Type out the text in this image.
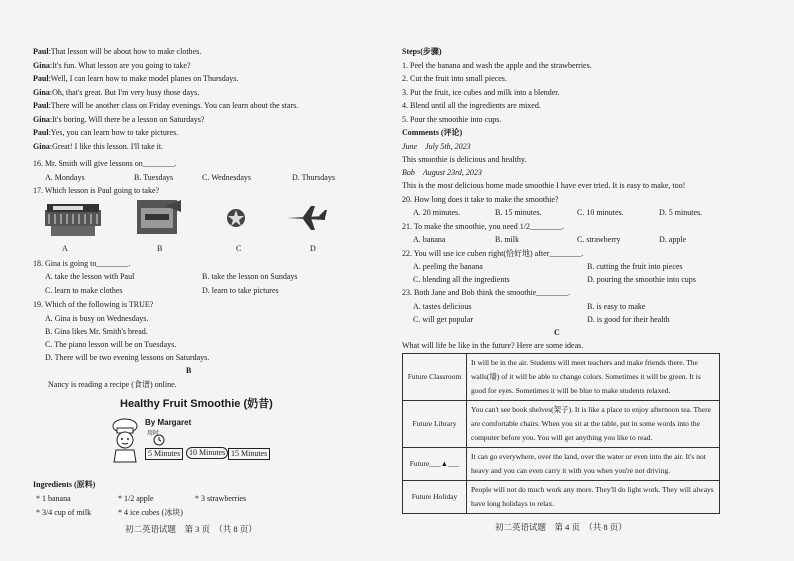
Paul:That lesson will be about how to make clothes.
Gina:It's fun. What lesson are you going to take?
Paul:Well, I can learn how to make model planes on Thursdays.
Gina:Oh, that's great. But I'm very busy those days.
Paul:There will be another class on Friday evenings. You can learn about the stars.
Gina:It's boring. Will there be a lesson on Saturdays?
Paul:Yes, you can learn how to take pictures.
Gina:Great! I like this lesson. I'll take it.
16. Mr. Smith will give lessons on________.
A. Mondays	B. Tuesdays	C. Wednesdays	D. Thursdays
17. Which lesson is Paul going to take?
A	B	C	D
18. Gina is going to________.
A. take the lesson with Paul	B. take the lesson on Sundays
C. learn to make clothes	D. learn to take pictures
19. Which of the following is TRUE?
A. Gina is busy on Wednesdays.
B. Gina likes Mr. Smith's bread.
C. The piano lesson will be on Tuesdays.
D. There will be two evening lessons on Saturdays.
B
Nancy is reading a recipe (食谱) online.
Healthy Fruit Smoothie (奶昔)
By Margaret
用时
5 Minutes	10 Minutes 15 Minutes
Ingredients (原料)
* 1 banana	* 1/2 apple	* 3 strawberries
* 3/4 cup of milk	* 4 ice cubes (冰块)
初二英语试题　第 3 页　（共 8 页）
Steps(步骤)
1. Peel the banana and wash the apple and the strawberries.
2. Cut the fruit into small pieces.
3. Put the fruit, ice cubes and milk into a blender.
4. Blend until all the ingredients are mixed.
5. Pour the smoothie into cups.
Comments (评论)
June　July 5th, 2023
This smoothie is delicious and healthy.
Bob　August 23rd, 2023
This is the most delicious home made smoothie I have ever tried. It is easy to make, too!
20. How long does it take to make the smoothie?
A. 20 minutes.	B. 15 minutes.	C. 10 minutes.	D. 5 minutes.
21. To make the smoothie, you need 1/2________.
A. banana	B. milk	C. strawberry	D. apple
22. You will use ice cuben right(恰好地) after________.
A. peeling the banana	B. cutting the fruit into pieces
C. blending all the ingredients	D. pouring the smoothie into cups
23. Both Jane and Bob think the smoothie________.
A. tastes delicious	B. is easy to make
C. will get popular	D. is good for their health
C
What will life be like in the future? Here are some ideas.
Future Classroom	It will be in the air. Students will meet teachers and make friends there. The walls(墙) of it will be able to change colors. Sometimes it will be green. It is good for eyes. Sometimes it will be blue to make students relaxed.
Future Library	You can't see book shelves(架子). It is like a place to enjoy afternoon tea. There are comfortable chairs. When you sit at the table, put in some words into the computer before you. You will get anything you like to read.
Future___▲___	It can go everywhere, over the land, over the water or even into the air. It's not heavy and you can even carry it with you when you're not driving.
Future Holiday	People will not do much work any more. They'll do light work. They will always have long holidays to relax.
初二英语试题　第 4 页　（共 8 页）
